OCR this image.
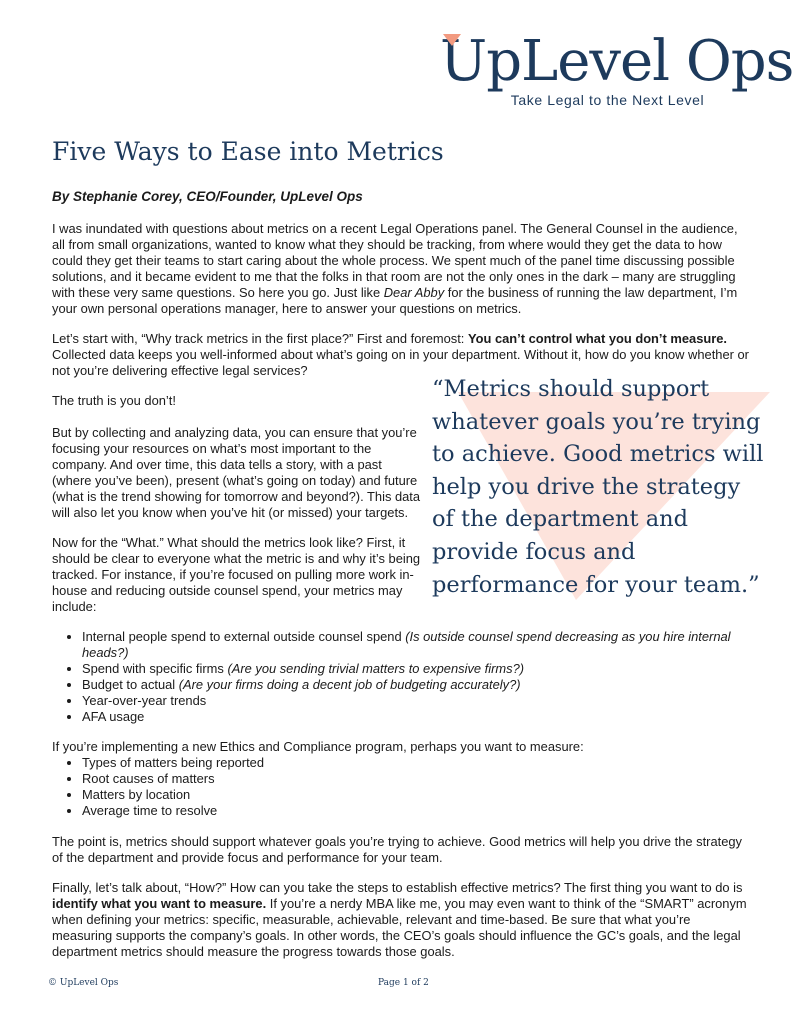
UpLevel Ops
Take Legal to the Next Level
Five Ways to Ease into Metrics

By Stephanie Corey, CEO/Founder, UpLevel Ops

I was inundated with questions about metrics on a recent Legal Operations panel. The General Counsel in the audience, all from small organizations, wanted to know what they should be tracking, from where would they get the data to how could they get their teams to start caring about the whole process. We spent much of the panel time discussing possible solutions, and it became evident to me that the folks in that room are not the only ones in the dark – many are struggling with these very same questions. So here you go. Just like Dear Abby for the business of running the law department, I’m your own personal operations manager, here to answer your questions on metrics.

Let’s start with, “Why track metrics in the first place?” First and foremost: You can’t control what you don’t measure. Collected data keeps you well-informed about what’s going on in your department. Without it, how do you know whether or not you’re delivering effective legal services?

The truth is you don’t!

But by collecting and analyzing data, you can ensure that you’re focusing your resources on what’s most important to the company. And over time, this data tells a story, with a past (where you’ve been), present (what’s going on today) and future (what is the trend showing for tomorrow and beyond?). This data will also let you know when you’ve hit (or missed) your targets.

Now for the “What.” What should the metrics look like? First, it should be clear to everyone what the metric is and why it’s being tracked. For instance, if you’re focused on pulling more work in-house and reducing outside counsel spend, your metrics may include:

“Metrics should support whatever goals you’re trying to achieve. Good metrics will help you drive the strategy of the department and provide focus and performance for your team.”

• Internal people spend to external outside counsel spend (Is outside counsel spend decreasing as you hire internal heads?)
• Spend with specific firms (Are you sending trivial matters to expensive firms?)
• Budget to actual (Are your firms doing a decent job of budgeting accurately?)
• Year-over-year trends
• AFA usage

If you’re implementing a new Ethics and Compliance program, perhaps you want to measure:

• Types of matters being reported
• Root causes of matters
• Matters by location
• Average time to resolve

The point is, metrics should support whatever goals you’re trying to achieve. Good metrics will help you drive the strategy of the department and provide focus and performance for your team.

Finally, let’s talk about, “How?” How can you take the steps to establish effective metrics? The first thing you want to do is identify what you want to measure. If you’re a nerdy MBA like me, you may even want to think of the “SMART” acronym when defining your metrics: specific, measurable, achievable, relevant and time-based. Be sure that what you’re measuring supports the company’s goals. In other words, the CEO’s goals should influence the GC’s goals, and the legal department metrics should measure the progress towards those goals.

© UpLevel Ops	Page 1 of 2
